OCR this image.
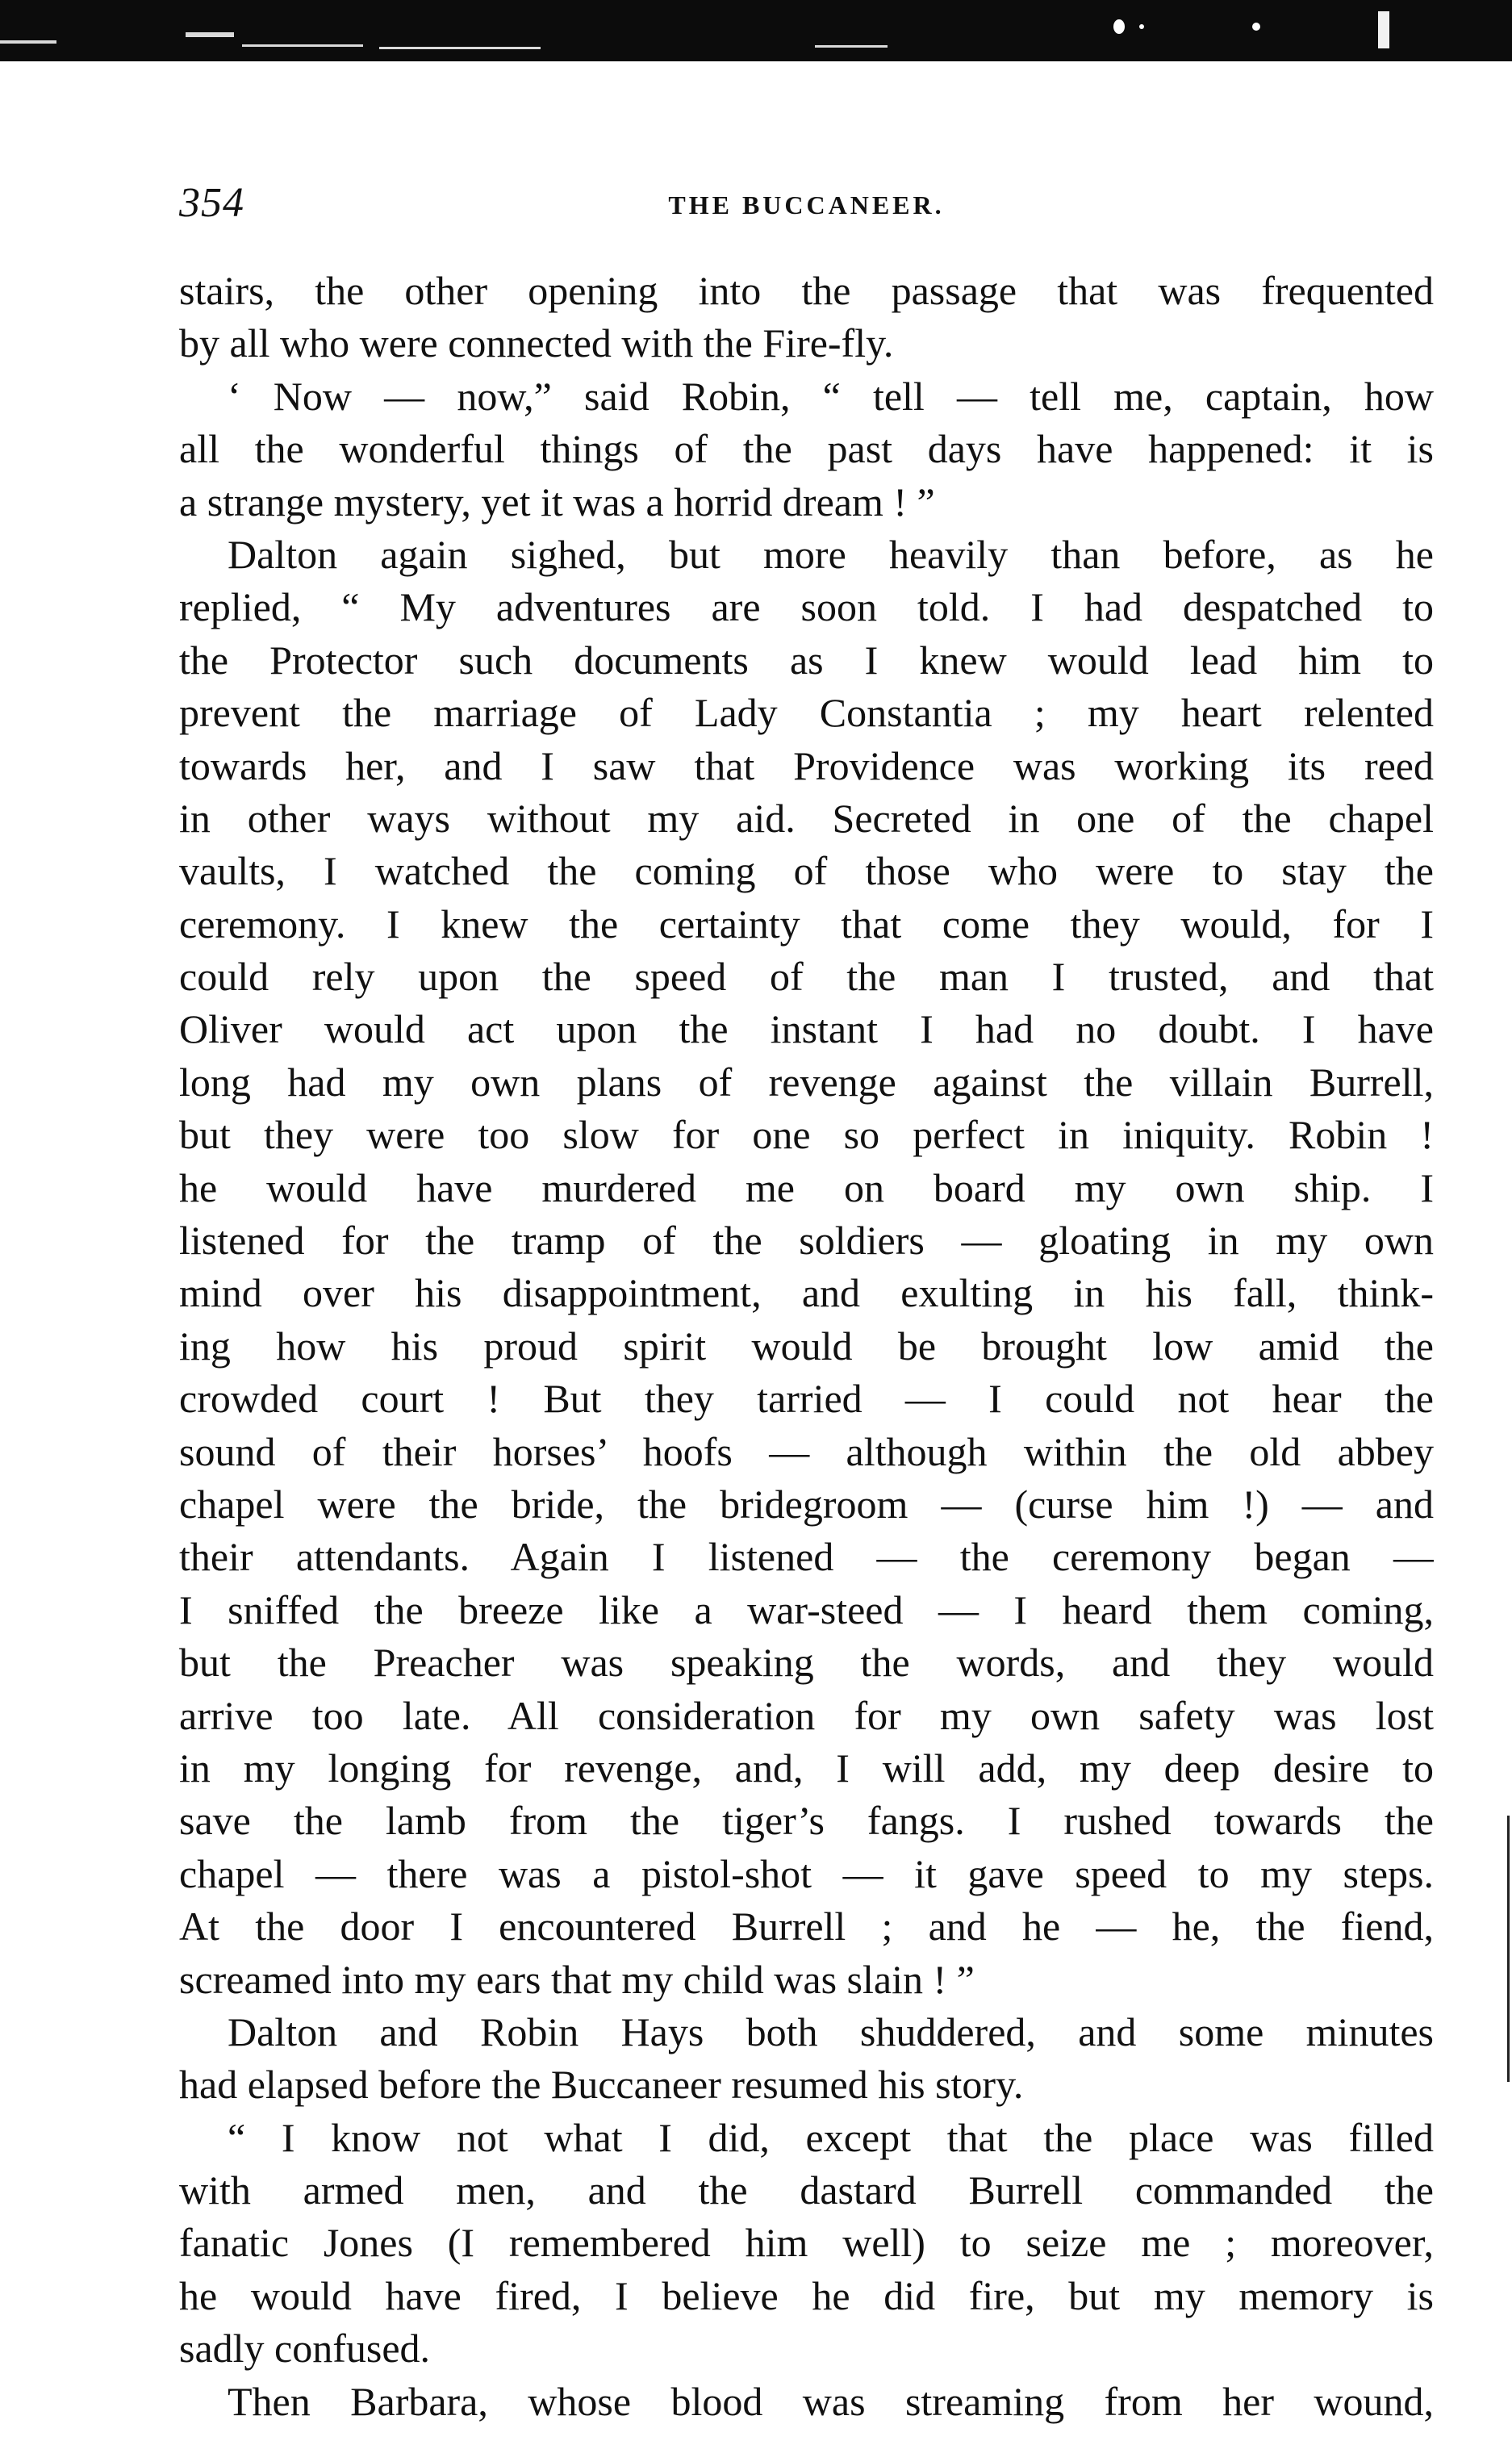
354	THE BUCCANEER.
stairs, the other opening into the passage that was frequented
by all who were connected with the Fire-fly.
‘ Now — now,” said Robin, “ tell — tell me, captain, how
all the wonderful things of the past days have happened: it is
a strange mystery, yet it was a horrid dream ! ”
Dalton again sighed, but more heavily than before, as he
replied, “ My adventures are soon told. I had despatched to
the Protector such documents as I knew would lead him to
prevent the marriage of Lady Constantia ; my heart relented
towards her, and I saw that Providence was working its reed
in other ways without my aid. Secreted in one of the chapel
vaults, I watched the coming of those who were to stay the
ceremony. I knew the certainty that come they would, for I
could rely upon the speed of the man I trusted, and that
Oliver would act upon the instant I had no doubt. I have
long had my own plans of revenge against the villain Burrell,
but they were too slow for one so perfect in iniquity. Robin !
he would have murdered me on board my own ship. I
listened for the tramp of the soldiers — gloating in my own
mind over his disappointment, and exulting in his fall, think-
ing how his proud spirit would be brought low amid the
crowded court ! But they tarried — I could not hear the
sound of their horses’ hoofs — although within the old abbey
chapel were the bride, the bridegroom — (curse him !) — and
their attendants. Again I listened — the ceremony began —
I sniffed the breeze like a war-steed — I heard them coming,
but the Preacher was speaking the words, and they would
arrive too late. All consideration for my own safety was lost
in my longing for revenge, and, I will add, my deep desire to
save the lamb from the tiger’s fangs. I rushed towards the
chapel — there was a pistol-shot — it gave speed to my steps.
At the door I encountered Burrell ; and he — he, the fiend,
screamed into my ears that my child was slain ! ”
Dalton and Robin Hays both shuddered, and some minutes
had elapsed before the Buccaneer resumed his story.
“ I know not what I did, except that the place was filled
with armed men, and the dastard Burrell commanded the
fanatic Jones (I remembered him well) to seize me ; moreover,
he would have fired, I believe he did fire, but my memory is
sadly confused.
Then Barbara, whose blood was streaming from her wound,
